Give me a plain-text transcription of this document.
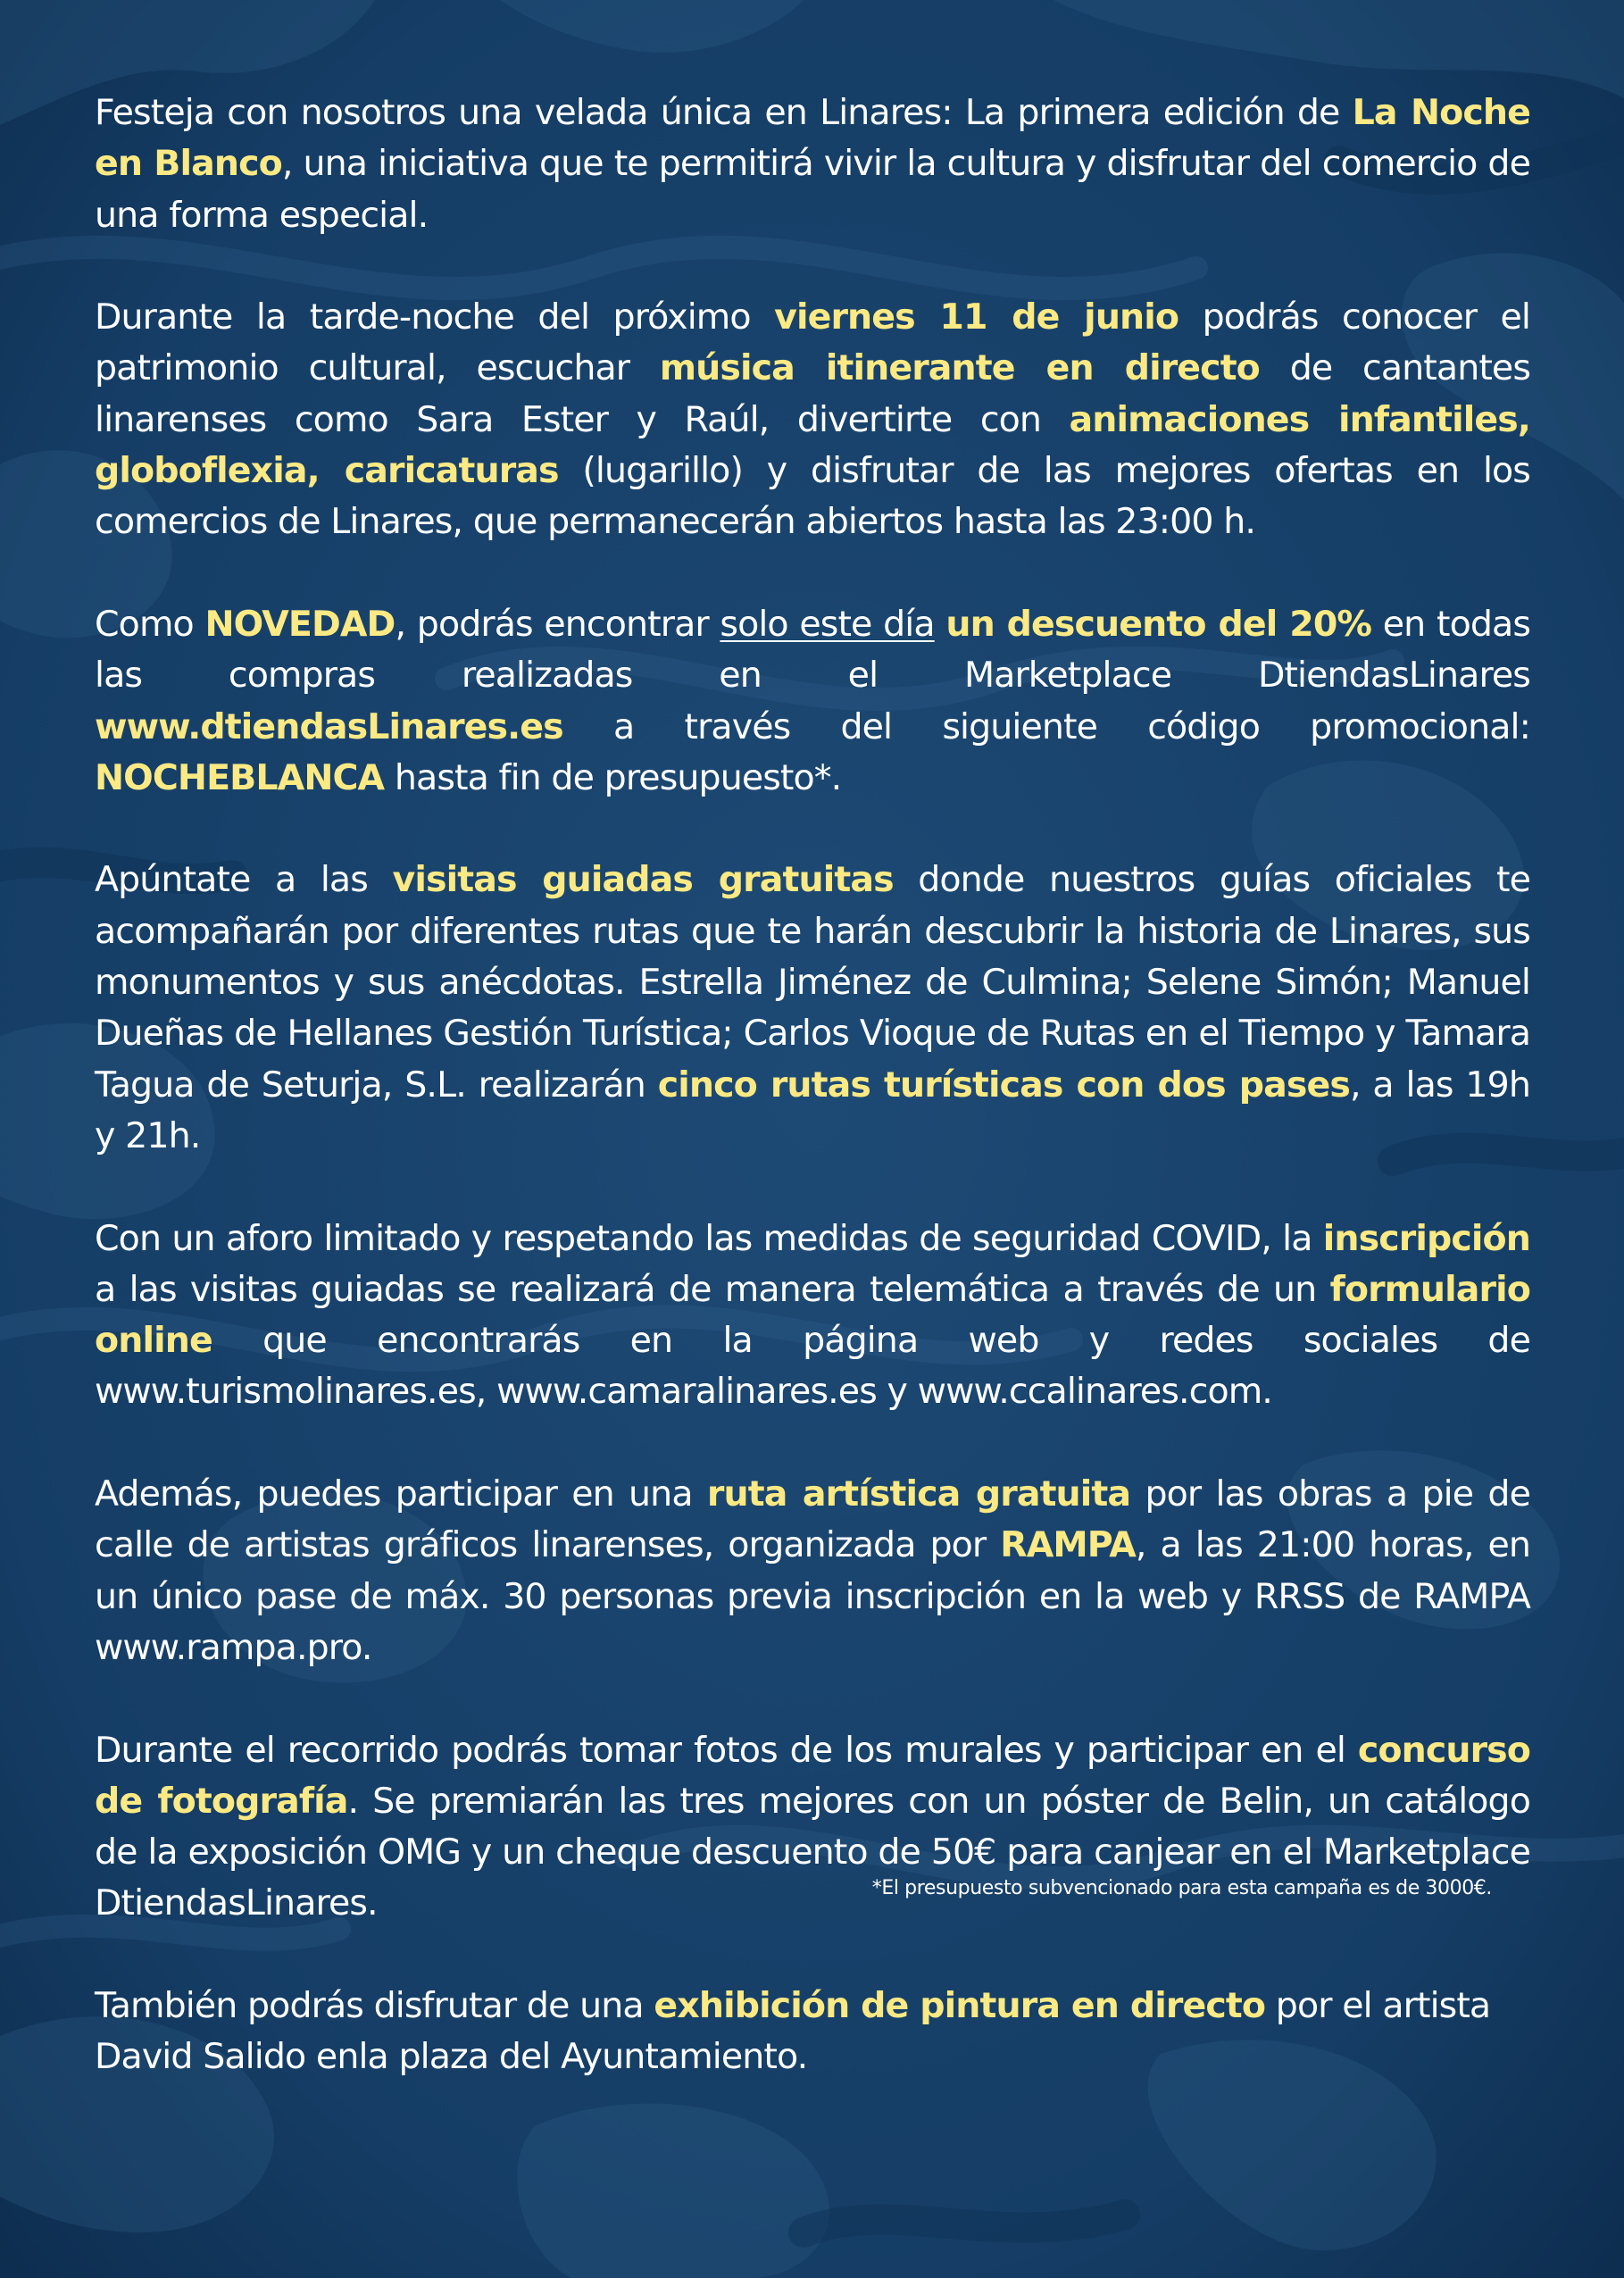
Festeja con nosotros una velada única en Linares: La primera edición de La Noche en Blanco, una iniciativa que te permitirá vivir la cultura y disfrutar del comercio de una forma especial.

Durante la tarde-noche del próximo viernes 11 de junio podrás conocer el patrimonio cultural, escuchar música itinerante en directo de cantantes linarenses como Sara Ester y Raúl, divertirte con animaciones infantiles, globoflexia, caricaturas (lugarillo) y disfrutar de las mejores ofertas en los comercios de Linares, que permanecerán abiertos hasta las 23:00 h.

Como NOVEDAD, podrás encontrar solo este día un descuento del 20% en todas las compras realizadas en el Marketplace DtiendasLinares www.dtiendasLinares.es a través del siguiente código promocional: NOCHEBLANCA hasta fin de presupuesto*.

Apúntate a las visitas guiadas gratuitas donde nuestros guías oficiales te acompañarán por diferentes rutas que te harán descubrir la historia de Linares, sus monumentos y sus anécdotas. Estrella Jiménez de Culmina; Selene Simón; Manuel Dueñas de Hellanes Gestión Turística; Carlos Vioque de Rutas en el Tiempo y Tamara Tagua de Seturja, S.L. realizarán cinco rutas turísticas con dos pases, a las 19h y 21h.

Con un aforo limitado y respetando las medidas de seguridad COVID, la inscripción a las visitas guiadas se realizará de manera telemática a través de un formulario online que encontrarás en la página web y redes sociales de www.turismolinares.es, www.camaralinares.es y www.ccalinares.com.

Además, puedes participar en una ruta artística gratuita por las obras a pie de calle de artistas gráficos linarenses, organizada por RAMPA, a las 21:00 horas, en un único pase de máx. 30 personas previa inscripción en la web y RRSS de RAMPA www.rampa.pro.

Durante el recorrido podrás tomar fotos de los murales y participar en el concurso de fotografía. Se premiarán las tres mejores con un póster de Belin, un catálogo de la exposición OMG y un cheque descuento de 50€ para canjear en el Marketplace DtiendasLinares.

También podrás disfrutar de una exhibición de pintura en directo por el artista David Salido enla plaza del Ayuntamiento.

*El presupuesto subvencionado para esta campaña es de 3000€.
